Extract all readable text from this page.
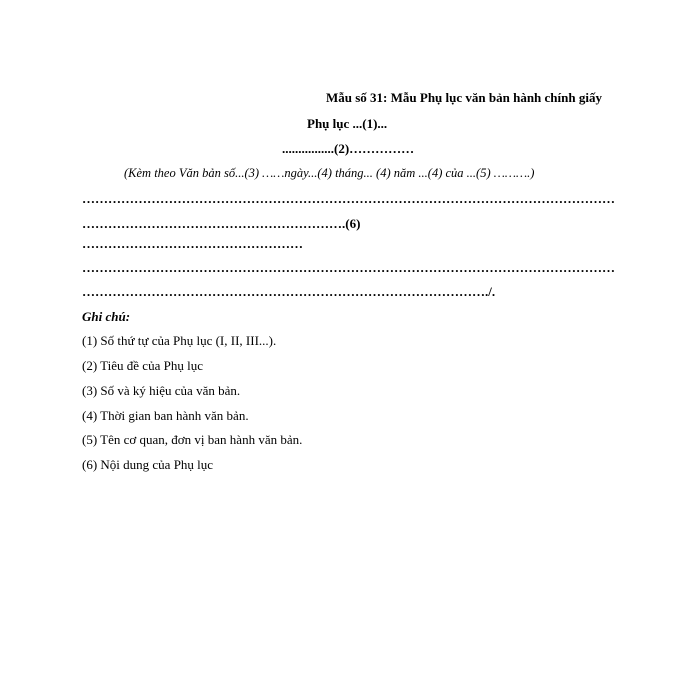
Mẫu số 31: Mẫu Phụ lục văn bản hành chính giấy
Phụ lục ...(1)...
................(2)……………
(Kèm theo Văn bản số...(3) ……ngày...(4) tháng... (4) năm ...(4) của ...(5) ……….)
……………………………………………………………………………………………………………
…………………………………………………….(6)
……………………………………………
……………………………………………………………………………………………………………
…………………………………………………………………………………./.
Ghi chú:
(1) Số thứ tự của Phụ lục (I, II, III...).
(2) Tiêu đề của Phụ lục
(3) Số và ký hiệu của văn bản.
(4) Thời gian ban hành văn bản.
(5) Tên cơ quan, đơn vị ban hành văn bản.
(6) Nội dung của Phụ lục
